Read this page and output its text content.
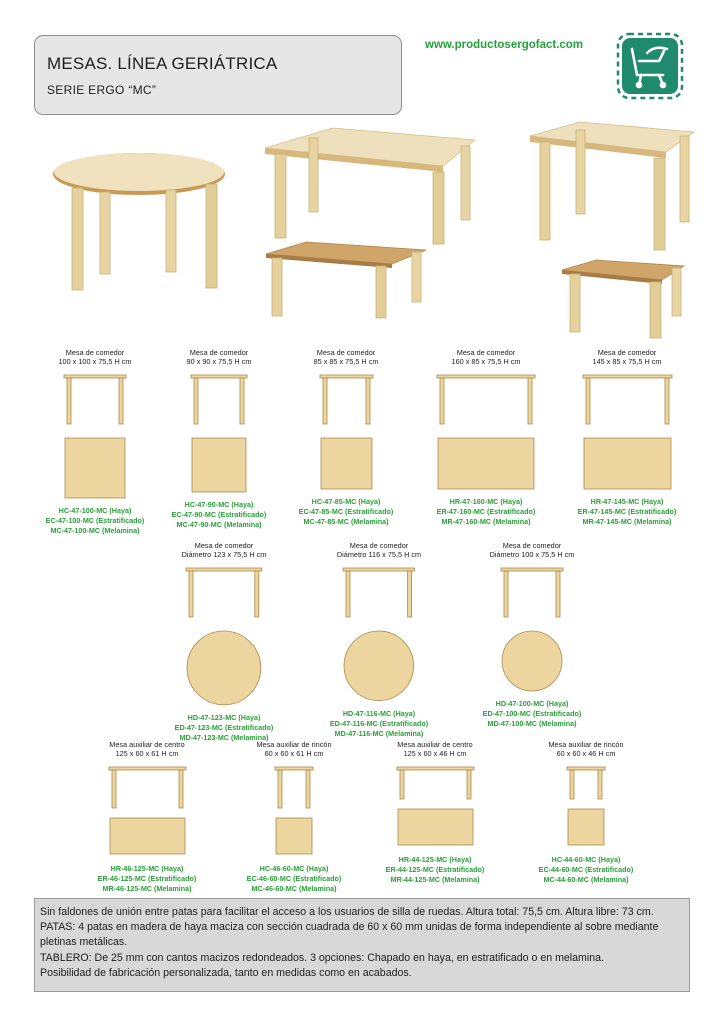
MESAS. LÍNEA GERIÁTRICA
SERIE ERGO “MC”
www.productosergofact.com
Mesa de comedor
100 x 100 x 75,5 H cm
HC-47-100-MC (Haya)
EC-47-100-MC (Estratificado)
MC-47-100-MC (Melamina)
Mesa de comedor
90 x 90 x 75,5 H cm
HC-47-90-MC (Haya)
EC-47-90-MC (Estratificado)
MC-47-90-MC (Melamina)
Mesa de comedor
85 x 85 x 75,5 H cm
HC-47-85-MC (Haya)
EC-47-85-MC (Estratificado)
MC-47-85-MC (Melamina)
Mesa de comedor
160 x 85 x 75,5 H cm
HR-47-160-MC (Haya)
ER-47-160-MC (Estratificado)
MR-47-160-MC (Melamina)
Mesa de comedor
145 x 85 x 75,5 H cm
HR-47-145-MC (Haya)
ER-47-145-MC (Estratificado)
MR-47-145-MC (Melamina)
Mesa de comedor
Diámetro 123 x 75,5 H cm
HD-47-123-MC (Haya)
ED-47-123-MC (Estratificado)
MD-47-123-MC (Melamina)
Mesa de comedor
Diámetro 116 x 75,5 H cm
HD-47-116-MC (Haya)
ED-47-116-MC (Estratificado)
MD-47-116-MC (Melamina)
Mesa de comedor
Diámetro 100 x 75,5 H cm
HD-47-100-MC (Haya)
ED-47-100-MC (Estratificado)
MD-47-100-MC (Melamina)
Mesa auxiliar de centro
125 x 60 x 61 H cm
HR-46-125-MC (Haya)
ER-46-125-MC (Estratificado)
MR-46-125-MC (Melamina)
Mesa auxiliar de rincón
60 x 60 x 61 H cm
HC-46-60-MC (Haya)
EC-46-60-MC (Estratificado)
MC-46-60-MC (Melamina)
Mesa auxiliar de centro
125 x 60 x 46 H cm
HR-44-125-MC (Haya)
ER-44-125-MC (Estratificado)
MR-44-125-MC (Melamina)
Mesa auxiliar de rincón
60 x 60 x 46 H cm
HC-44-60-MC (Haya)
EC-44-60-MC (Estratificado)
MC-44-60-MC (Melamina)
Sin faldones de unión entre patas para facilitar el acceso a los usuarios de silla de ruedas. Altura total: 75,5 cm. Altura libre: 73 cm.
PATAS: 4 patas en madera de haya maciza con sección cuadrada de 60 x 60 mm unidas de forma independiente al sobre mediante pletinas metálicas.
TABLERO: De 25 mm con cantos macizos redondeados. 3 opciones: Chapado en haya, en estratificado o en melamina.
Posibilidad de fabricación personalizada, tanto en medidas como en acabados.
